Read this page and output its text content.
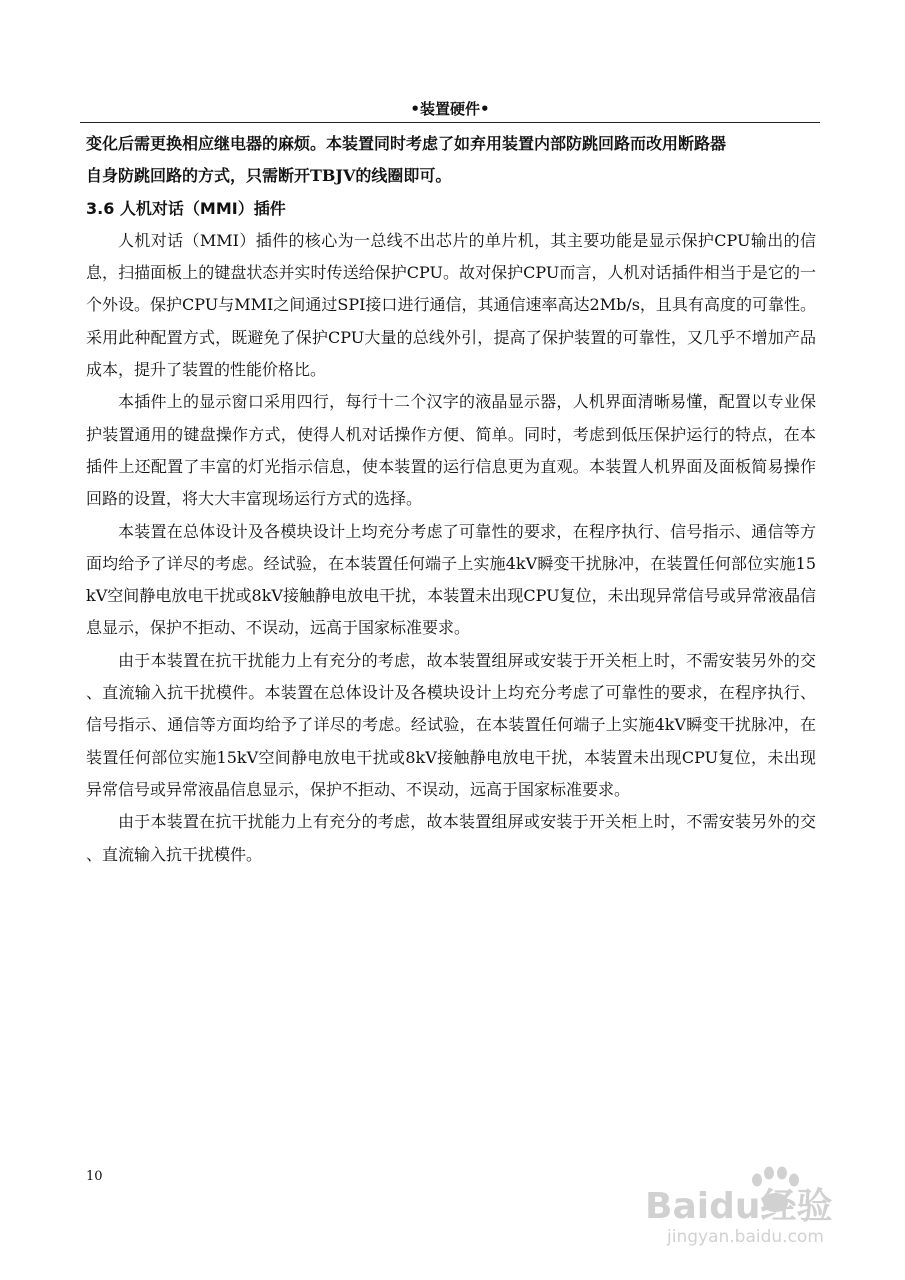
•装置硬件•

变化后需更换相应继电器的麻烦。本装置同时考虑了如弃用装置内部防跳回路而改用断路器

自身防跳回路的方式，只需断开TBJV的线圈即可。

3.6 人机对话（MMI）插件

人机对话（MMI）插件的核心为一总线不出芯片的单片机，其主要功能是显示保护CPU输出的信息，扫描面板上的键盘状态并实时传送给保护CPU。故对保护CPU而言，人机对话插件相当于是它的一个外设。保护CPU与MMI之间通过SPI接口进行通信，其通信速率高达2Mb/s，且具有高度的可靠性。采用此种配置方式，既避免了保护CPU大量的总线外引，提高了保护装置的可靠性，又几乎不增加产品成本，提升了装置的性能价格比。

本插件上的显示窗口采用四行，每行十二个汉字的液晶显示器，人机界面清晰易懂，配置以专业保护装置通用的键盘操作方式，使得人机对话操作方便、简单。同时，考虑到低压保护运行的特点，在本插件上还配置了丰富的灯光指示信息，使本装置的运行信息更为直观。本装置人机界面及面板简易操作回路的设置，将大大丰富现场运行方式的选择。

本装置在总体设计及各模块设计上均充分考虑了可靠性的要求，在程序执行、信号指示、通信等方面均给予了详尽的考虑。经试验，在本装置任何端子上实施4kV瞬变干扰脉冲，在装置任何部位实施15kV空间静电放电干扰或8kV接触静电放电干扰，本装置未出现CPU复位，未出现异常信号或异常液晶信息显示，保护不拒动、不误动，远高于国家标准要求。

由于本装置在抗干扰能力上有充分的考虑，故本装置组屏或安装于开关柜上时，不需安装另外的交、直流输入抗干扰模件。本装置在总体设计及各模块设计上均充分考虑了可靠性的要求，在程序执行、信号指示、通信等方面均给予了详尽的考虑。经试验，在本装置任何端子上实施4kV瞬变干扰脉冲，在装置任何部位实施15kV空间静电放电干扰或8kV接触静电放电干扰，本装置未出现CPU复位，未出现异常信号或异常液晶信息显示，保护不拒动、不误动，远高于国家标准要求。

由于本装置在抗干扰能力上有充分的考虑，故本装置组屏或安装于开关柜上时，不需安装另外的交、直流输入抗干扰模件。

10
Baidu经验
jingyan.baidu.com
